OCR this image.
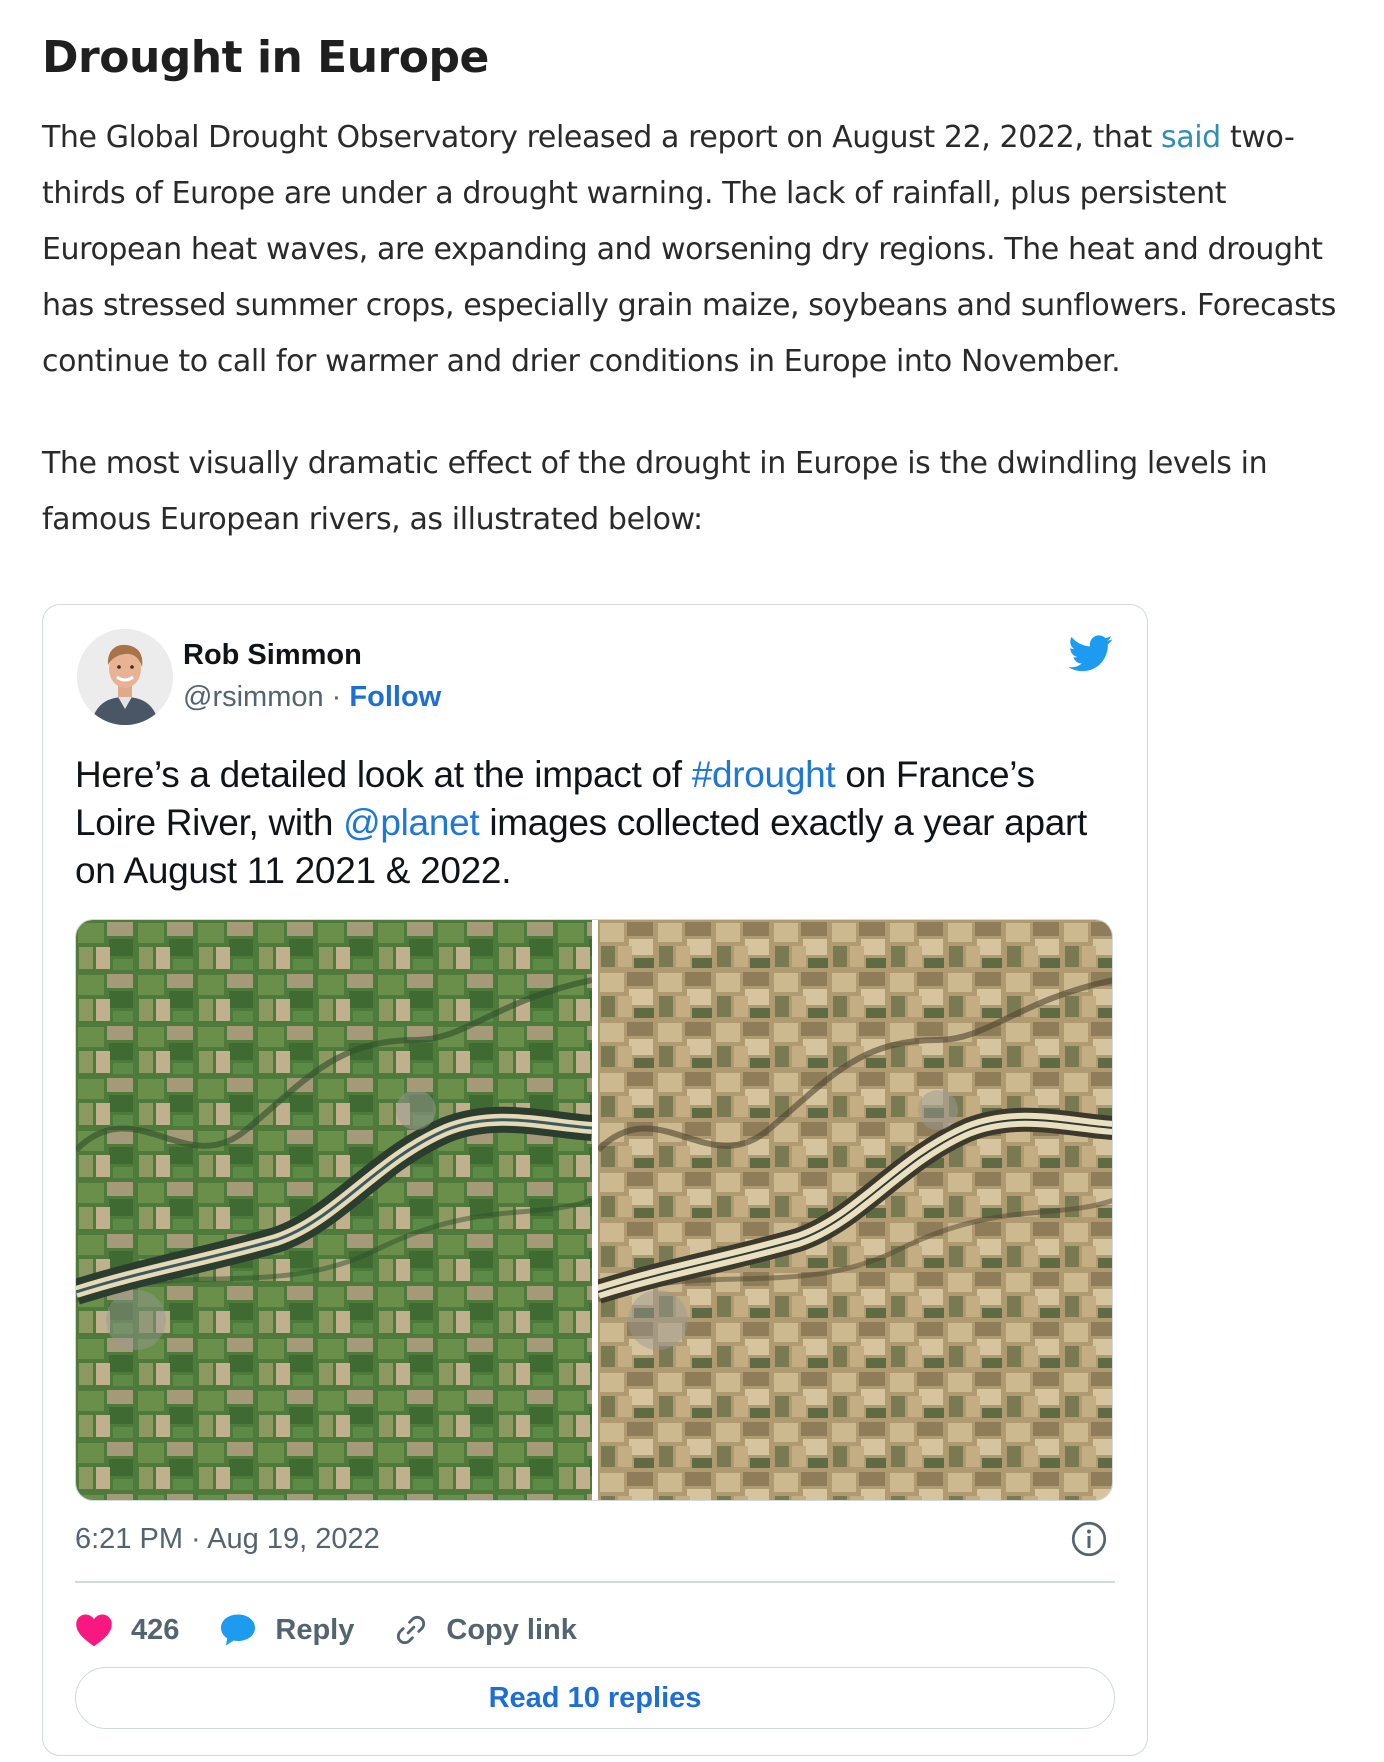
Drought in Europe

The Global Drought Observatory released a report on August 22, 2022, that said two-thirds of Europe are under a drought warning. The lack of rainfall, plus persistent European heat waves, are expanding and worsening dry regions. The heat and drought has stressed summer crops, especially grain maize, soybeans and sunflowers. Forecasts continue to call for warmer and drier conditions in Europe into November.

The most visually dramatic effect of the drought in Europe is the dwindling levels in famous European rivers, as illustrated below:

Rob Simmon
@rsimmon · Follow
Here’s a detailed look at the impact of #drought on France’s Loire River, with @planet images collected exactly a year apart on August 11 2021 & 2022.
6:21 PM · Aug 19, 2022
426	Reply	Copy link
Read 10 replies
